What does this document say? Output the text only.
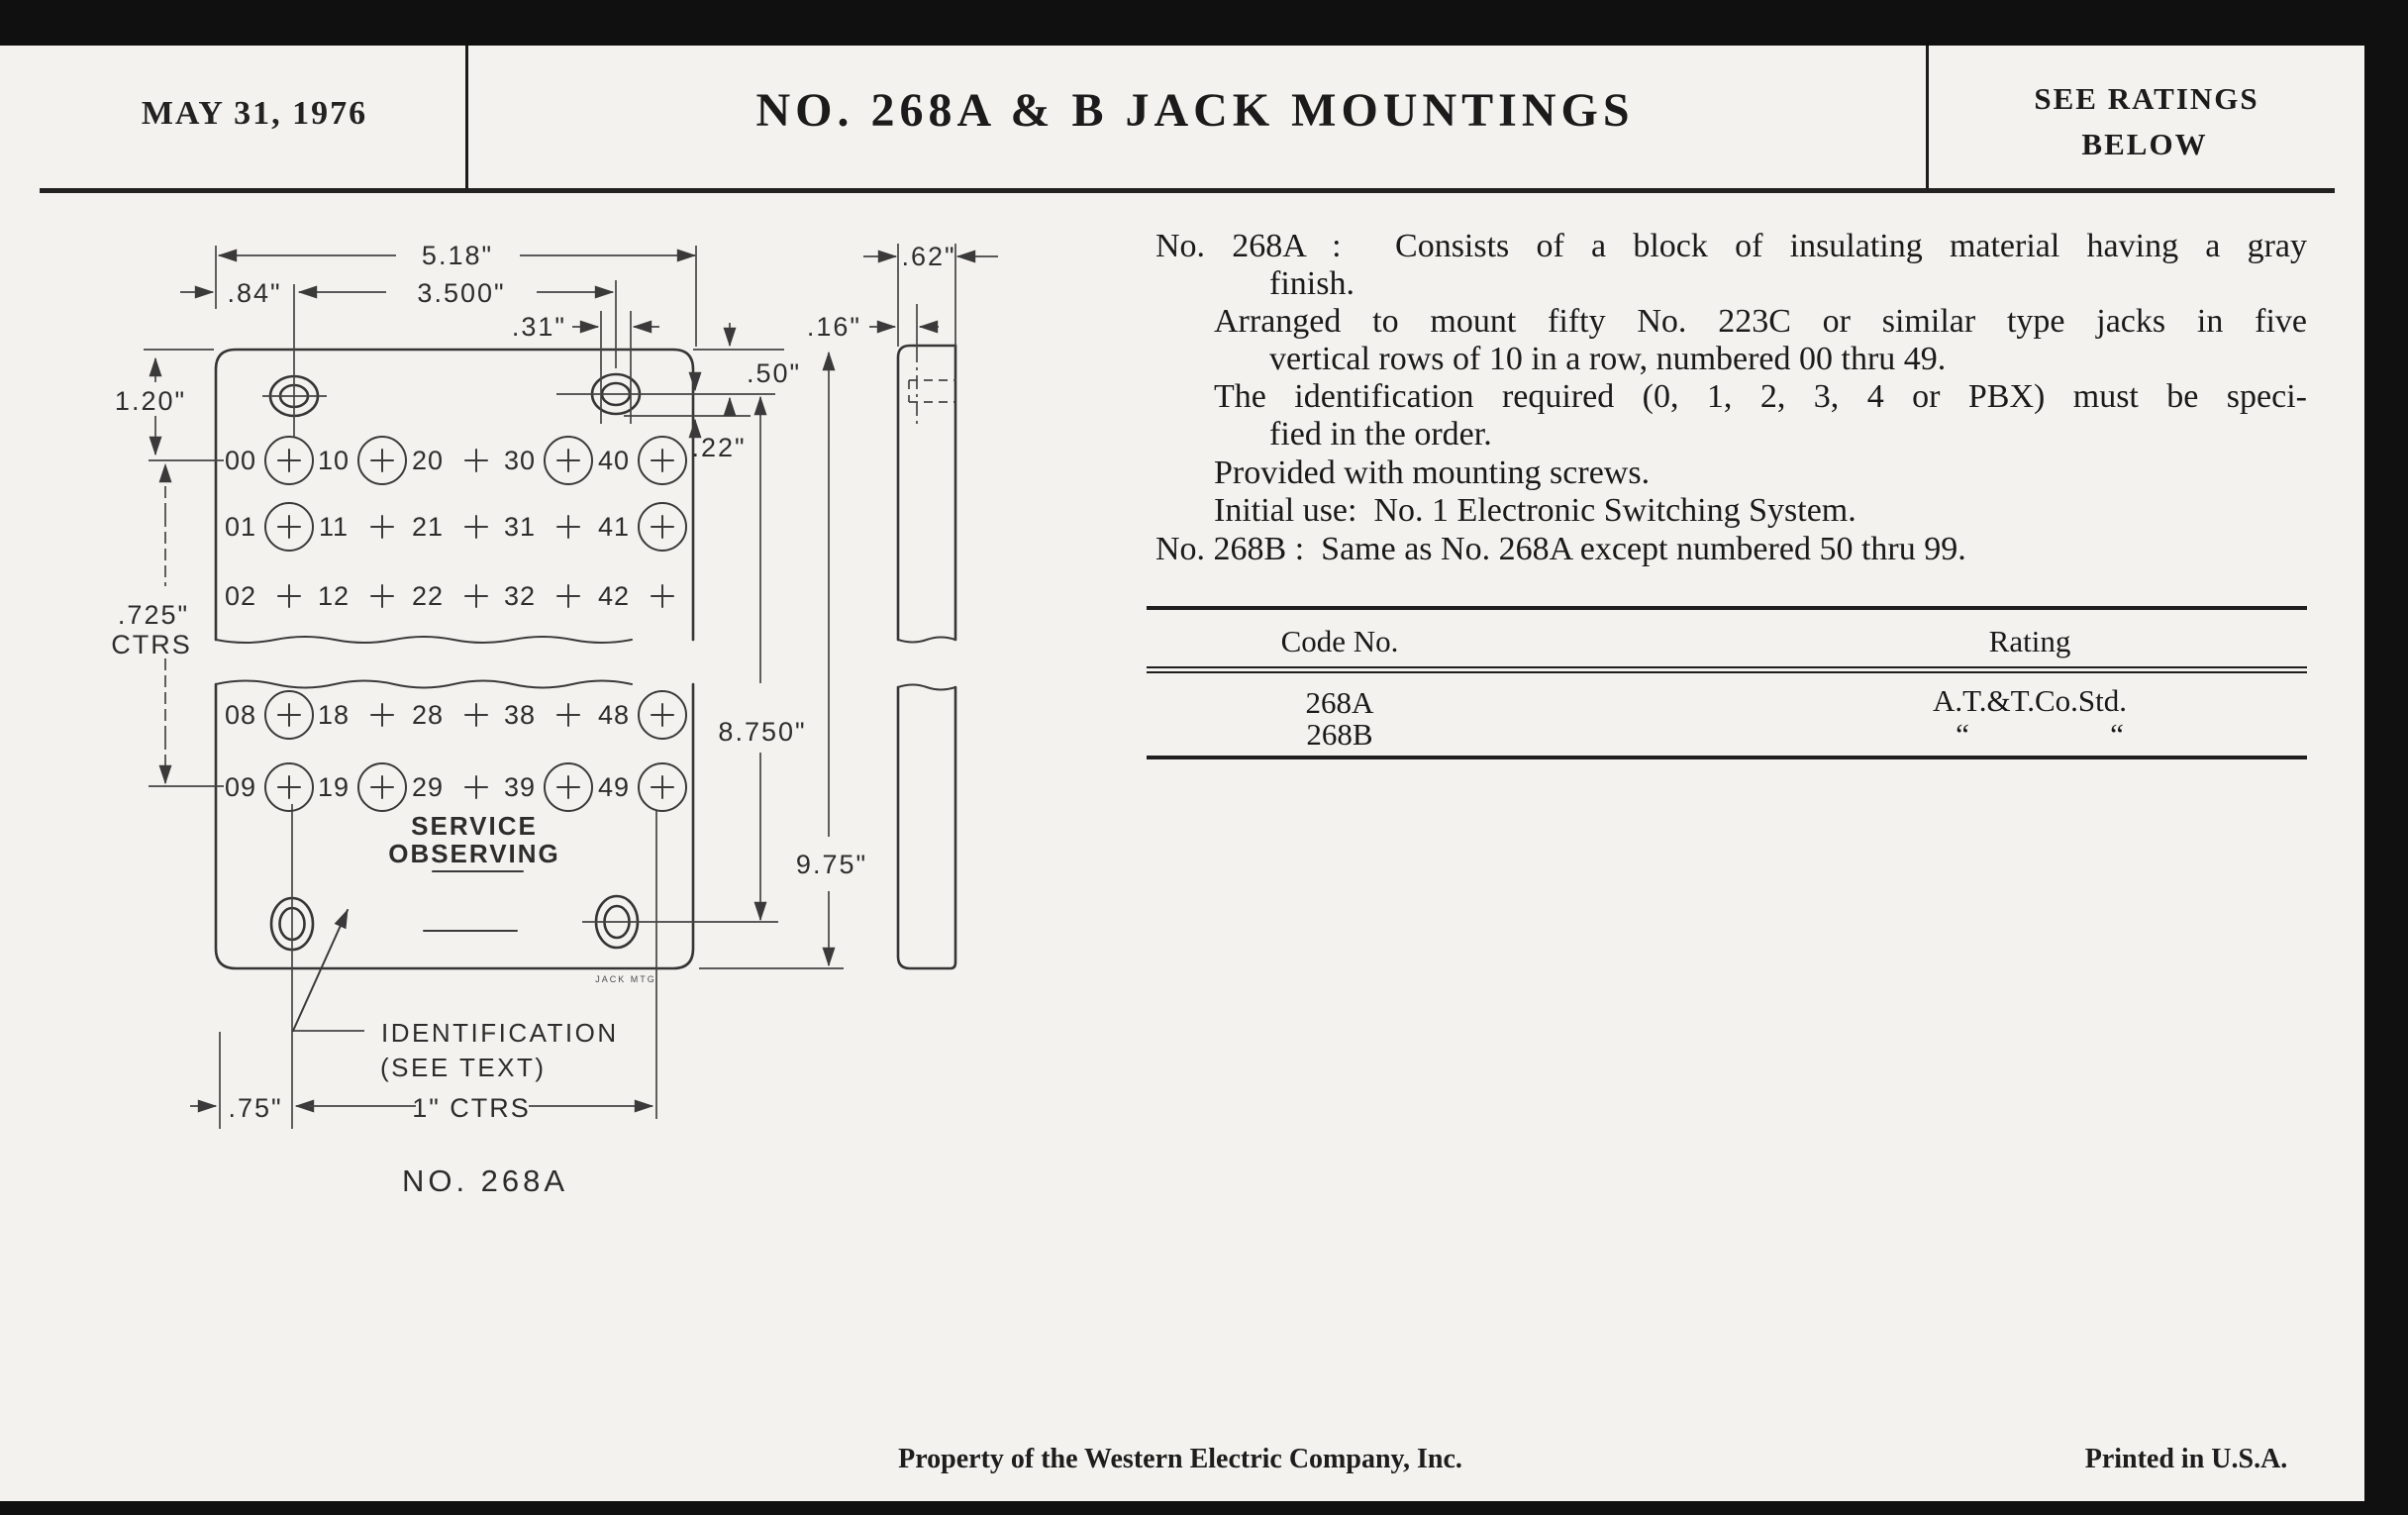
MAY 31, 1976	NO. 268A & B JACK MOUNTINGS	SEE RATINGS
BELOW
No. 268A :  Consists of a block of insulating material having a gray
finish.
Arranged to mount fifty No. 223C or similar type jacks in five
vertical rows of 10 in a row, numbered 00 thru 49.
The identification required (0, 1, 2, 3, 4 or PBX) must be speci-
fied in the order.
Provided with mounting screws.
Initial use:  No. 1 Electronic Switching System.
No. 268B :  Same as No. 268A except numbered 50 thru 99.
Code No.	Rating
268A	A.T.&T.Co.Std.
268B	“	“
00 10 20 30 40
01 11 21 31 41
02 12 22 32 42
08 18 28 38 48
09 19 29 39 49
5.18"
.84"	3.500"
.31"
.50"
.22"
.62"
.16"
1.20"
.725"
CTRS
8.750"
9.75"
.75"	1" CTRS
SERVICE
OBSERVING
IDENTIFICATION
(SEE TEXT)
NO. 268A
JACK MTG
Property of the Western Electric Company, Inc.	Printed in U.S.A.
